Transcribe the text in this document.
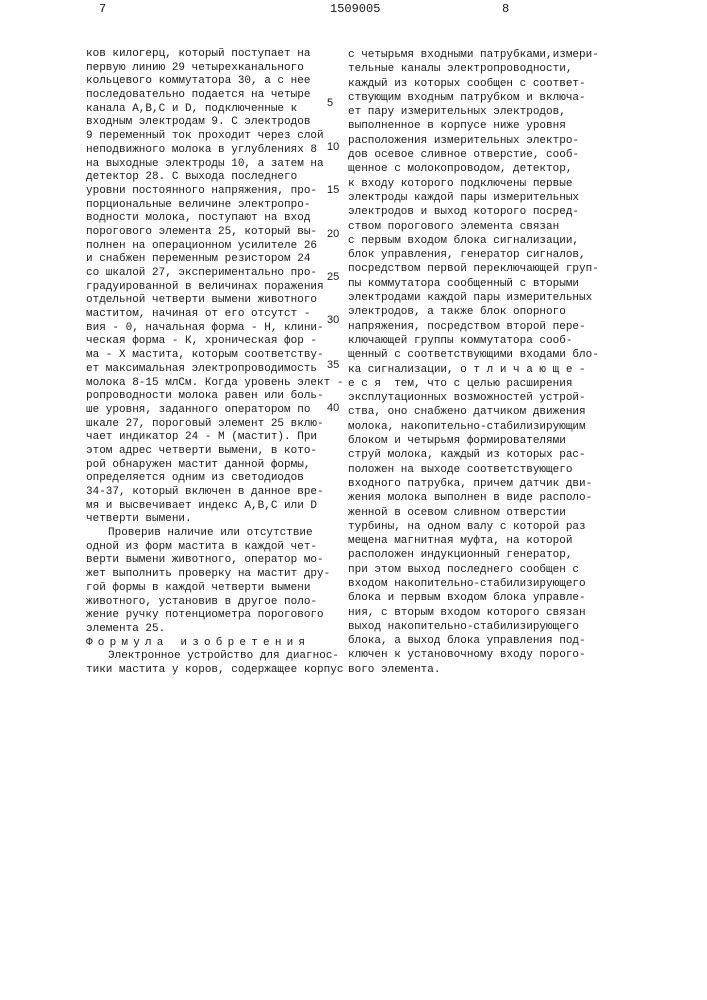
7	1509005	8
ков килогерц, который поступает на
первую линию 29 четырехканального
кольцевого коммутатора 30, а с нее
последовательно подается на четыре
канала А,В,С и D, подключенные к
входным электродам 9. С электродов
9 переменный ток проходит через слой
неподвижного молока в углублениях 8
на выходные электроды 10, а затем на
детектор 28. С выхода последнего
уровни постоянного напряжения, про-
порциональные величине электропро-
водности молока, поступают на вход
порогового элемента 25, который вы-
полнен на операционном усилителе 26
и снабжен переменным резистором 24
со шкалой 27, экспериментально про-
градуированной в величинах поражения
отдельной четверти вымени животного
маститом, начиная от его отсутст -
вия - 0, начальная форма - Н, клини-
ческая форма - К, хроническая фор -
ма - Х мастита, которым соответству-
ет максимальная электропроводимость
молока 8-15 млСм. Когда уровень элект -
ропроводности молока равен или боль-
ше уровня, заданного оператором по
шкале 27, пороговый элемент 25 вклю-
чает индикатор 24 - М (мастит). При
этом адрес четверти вымени, в кото-
рой обнаружен мастит данной формы,
определяется одним из светодиодов
34-37, который включен в данное вре-
мя и высвечивает индекс А,В,С или D
четверти вымени.
Проверив наличие или отсутствие
одной из форм мастита в каждой чет-
верти вымени животного, оператор мо-
жет выполнить проверку на мастит дру-
гой формы в каждой четверти вымени
животного, установив в другое поло-
жение ручку потенциометра порогового
элемента 25.
Формула изобретения
Электронное устройство для диагнос-
тики мастита у коров, содержащее корпус
с четырьмя входными патрубками,измери-
тельные каналы электропроводности,
каждый из которых сообщен с соответ-
ствующим входным патрубком и включа-
ет пару измерительных электродов,
выполненное в корпусе ниже уровня
расположения измерительных электро-
дов осевое сливное отверстие, сооб-
щенное с молокопроводом, детектор,
к входу которого подключены первые
электроды каждой пары измерительных
электродов и выход которого посред-
ством порогового элемента связан
с первым входом блока сигнализации,
блок управления, генератор сигналов,
посредством первой переключающей груп-
пы коммутатора сообщенный с вторыми
электродами каждой пары измерительных
электродов, а также блок опорного
напряжения, посредством второй пере-
ключающей группы коммутатора сооб-
щенный с соответствующими входами бло-
ка сигнализации, о т л и ч а ю щ е -
е с я  тем, что с целью расширения
эксплутационных возможностей устрой-
ства, оно снабжено датчиком движения
молока, накопительно-стабилизирующим
блоком и четырьмя формирователями
струй молока, каждый из которых рас-
положен на выходе соответствующего
входного патрубка, причем датчик дви-
жения молока выполнен в виде располо-
женной в осевом сливном отверстии
турбины, на одном валу с которой раз
мещена магнитная муфта, на которой
расположен индукционный генератор,
при этом выход последнего сообщен с
входом накопительно-стабилизирующего
блока и первым входом блока управле-
ния, с вторым входом которого связан
выход накопительно-стабилизирующего
блока, а выход блока управления под-
ключен к установочному входу порого-
вого элемента.
5
10
15
20
25
30
35
40
